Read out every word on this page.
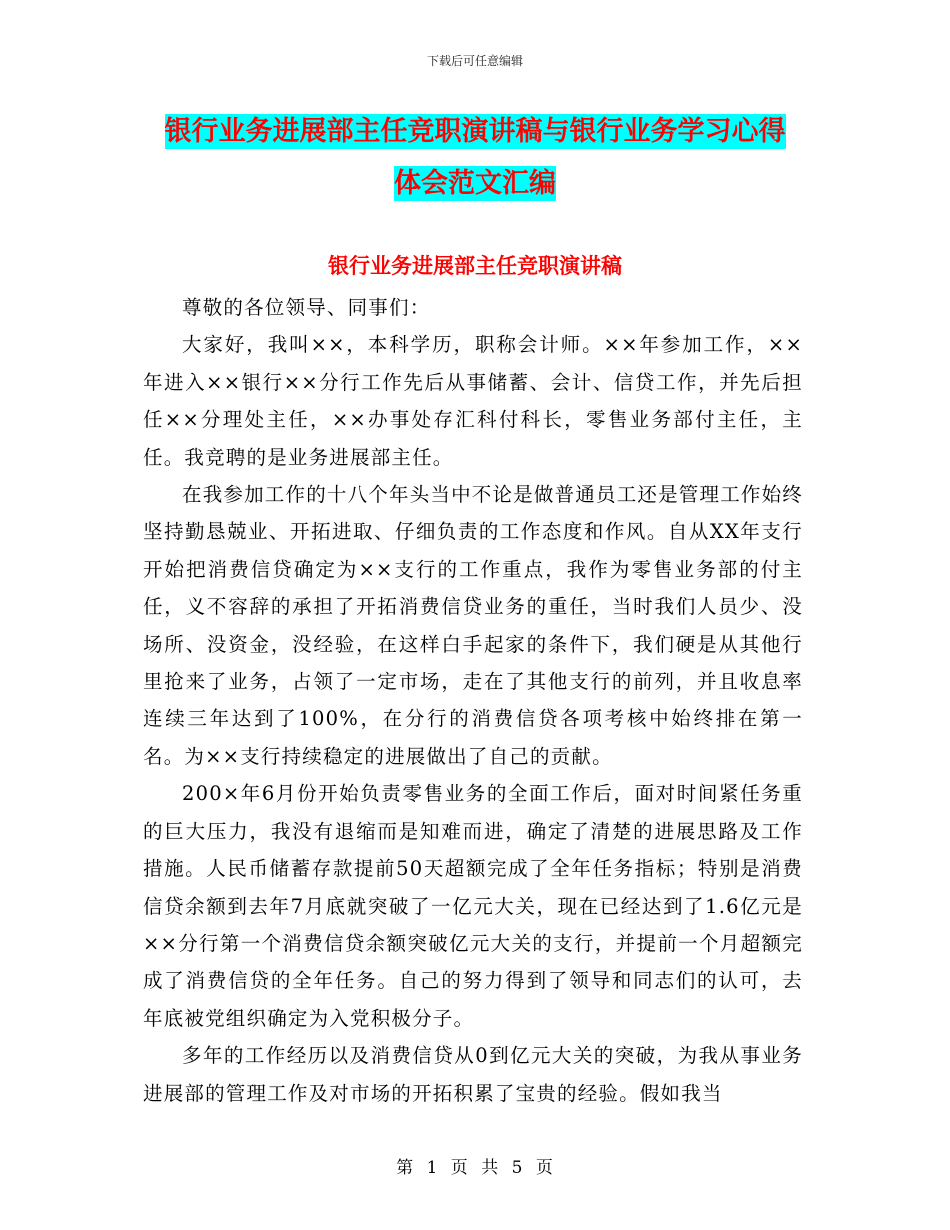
下载后可任意编辑
银行业务进展部主任竞职演讲稿与银行业务学习心得
体会范文汇编
银行业务进展部主任竞职演讲稿

尊敬的各位领导、同事们：

大家好，我叫××，本科学历，职称会计师。××年参加工作，××年进入××银行××分行工作先后从事储蓄、会计、信贷工作，并先后担任××分理处主任，××办事处存汇科付科长，零售业务部付主任，主任。我竞聘的是业务进展部主任。

在我参加工作的十八个年头当中不论是做普通员工还是管理工作始终坚持勤恳兢业、开拓进取、仔细负责的工作态度和作风。自从XX年支行开始把消费信贷确定为××支行的工作重点，我作为零售业务部的付主任，义不容辞的承担了开拓消费信贷业务的重任，当时我们人员少、没场所、没资金，没经验，在这样白手起家的条件下，我们硬是从其他行里抢来了业务，占领了一定市场，走在了其他支行的前列，并且收息率连续三年达到了100%，在分行的消费信贷各项考核中始终排在第一名。为××支行持续稳定的进展做出了自己的贡献。

200×年6月份开始负责零售业务的全面工作后，面对时间紧任务重的巨大压力，我没有退缩而是知难而进，确定了清楚的进展思路及工作措施。人民币储蓄存款提前50天超额完成了全年任务指标；特别是消费信贷余额到去年7月底就突破了一亿元大关，现在已经达到了1.6亿元是××分行第一个消费信贷余额突破亿元大关的支行，并提前一个月超额完成了消费信贷的全年任务。自己的努力得到了领导和同志们的认可，去年底被党组织确定为入党积极分子。

多年的工作经历以及消费信贷从0到亿元大关的突破，为我从事业务进展部的管理工作及对市场的开拓积累了宝贵的经验。假如我当

第 1 页 共 5 页
